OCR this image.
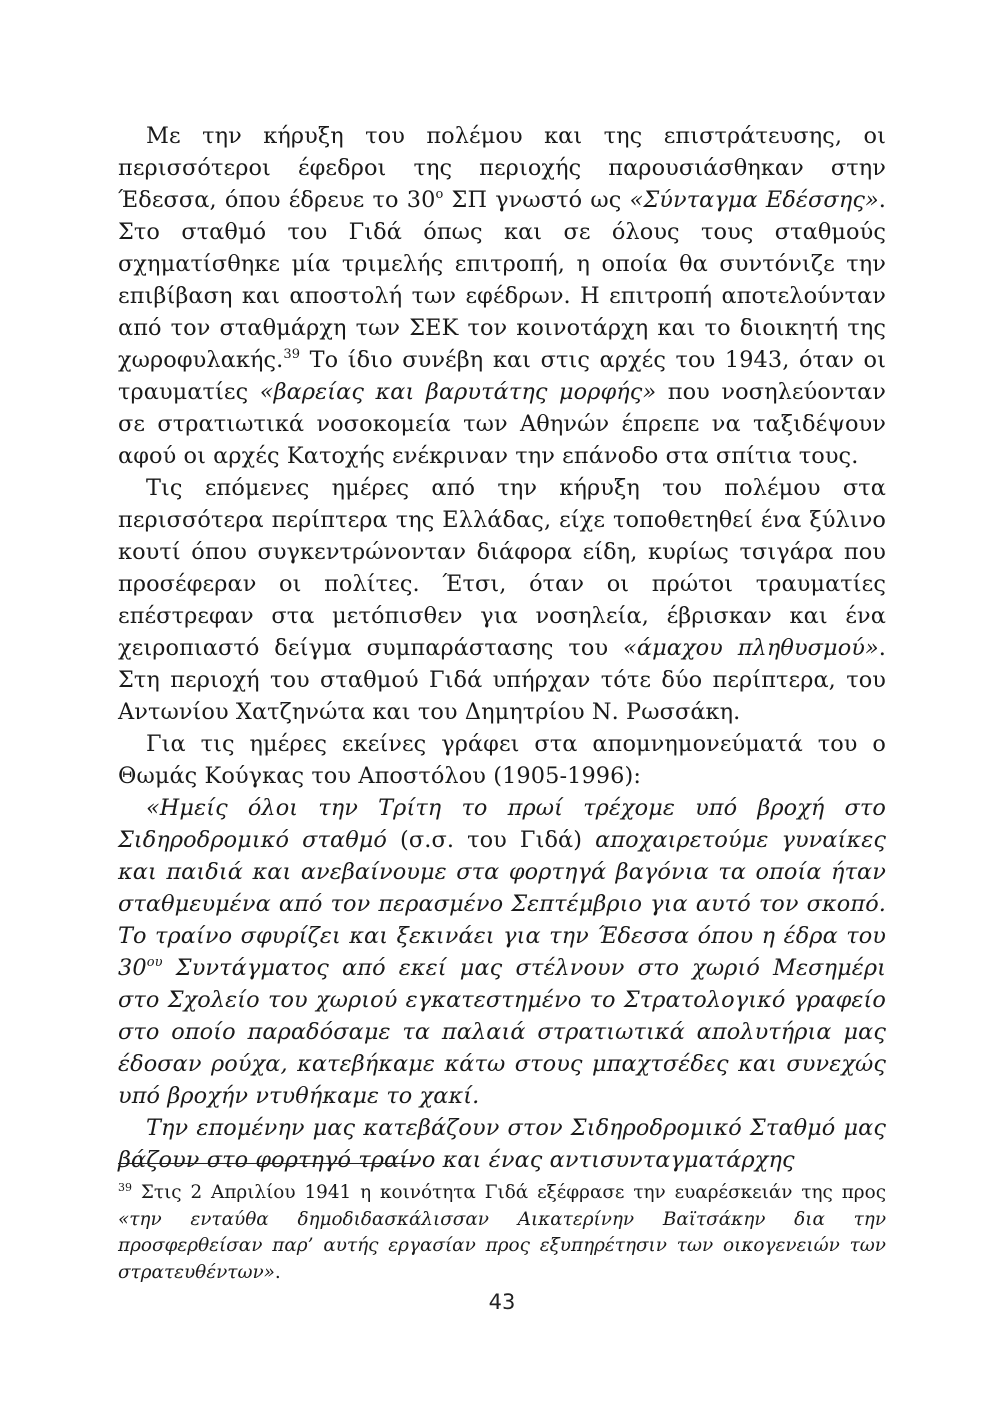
Με την κήρυξη του πολέμου και της επιστράτευσης, οι περισσότεροι έφεδροι της περιοχής παρουσιάσθηκαν στην Έδεσσα, όπου έδρευε το $30^o$ ΣΠ γνωστό ως «Σύνταγμα Εδέσσης». Στο σταθμό του Γιδά όπως και σε όλους τους σταθμούς σχηματίσθηκε μία τριμελής επιτροπή, η οποία θα συντόνιζε την επιβίβαση και αποστολή των εφέδρων. Η επιτροπή αποτελούνταν από τον σταθμάρχη των ΣΕΚ τον κοινοτάρχη και το διοικητή της χωροφυλακής.$^{39}$ Το ίδιο συνέβη και στις αρχές του 1943, όταν οι τραυματίες «βαρείας και βαρυτάτης μορφής» που νοσηλεύονταν σε στρατιωτικά νοσοκομεία των Αθηνών έπρεπε να ταξιδέψουν αφού οι αρχές Κατοχής ενέκριναν την επάνοδο στα σπίτια τους.

Τις επόμενες ημέρες από την κήρυξη του πολέμου στα περισσότερα περίπτερα της Ελλάδας, είχε τοποθετηθεί ένα ξύλινο κουτί όπου συγκεντρώνονταν διάφορα είδη, κυρίως τσιγάρα που προσέφεραν οι πολίτες. Έτσι, όταν οι πρώτοι τραυματίες επέστρεφαν στα μετόπισθεν για νοσηλεία, έβρισκαν και ένα χειροπιαστό δείγμα συμπαράστασης του «άμαχου πληθυσμού». Στη περιοχή του σταθμού Γιδά υπήρχαν τότε δύο περίπτερα, του Αντωνίου Χατζηνώτα και του Δημητρίου Ν. Ρωσσάκη.

Για τις ημέρες εκείνες γράφει στα απομνημονεύματά του ο Θωμάς Κούγκας του Αποστόλου (1905-1996):

«Ημείς όλοι την Τρίτη το πρωί τρέχομε υπό βροχή στο Σιδηροδρομικό σταθμό (σ.σ. του Γιδά) αποχαιρετούμε γυναίκες και παιδιά και ανεβαίνουμε στα φορτηγά βαγόνια τα οποία ήταν σταθμευμένα από τον περασμένο Σεπτέμβριο για αυτό τον σκοπό. Το τραίνο σφυρίζει και ξεκινάει για την Έδεσσα όπου η έδρα του $30^{o\upsilon}$ Συντάγματος από εκεί μας στέλνουν στο χωριό Μεσημέρι στο Σχολείο του χωριού εγκατεστημένο το Στρατολογικό γραφείο στο οποίο παραδόσαμε τα παλαιά στρατιωτικά απολυτήρια μας έδοσαν ρούχα, κατεβήκαμε κάτω στους μπαχτσέδες και συνεχώς υπό βροχήν ντυθήκαμε το χακί.

Την επομένην μας κατεβάζουν στον Σιδηροδρομικό Σταθμό μας βάζουν στο φορτηγό τραίνο και ένας αντισυνταγματάρχης

$^{39}$ Στις 2 Απριλίου 1941 η κοινότητα Γιδά εξέφρασε την ευαρέσκειάν της προς «την ενταύθα δημοδιδασκάλισσαν Αικατερίνην Βαϊτσάκην δια την προσφερθείσαν παρ’ αυτής εργασίαν προς εξυπηρέτησιν των οικογενειών των στρατευθέντων».

43
